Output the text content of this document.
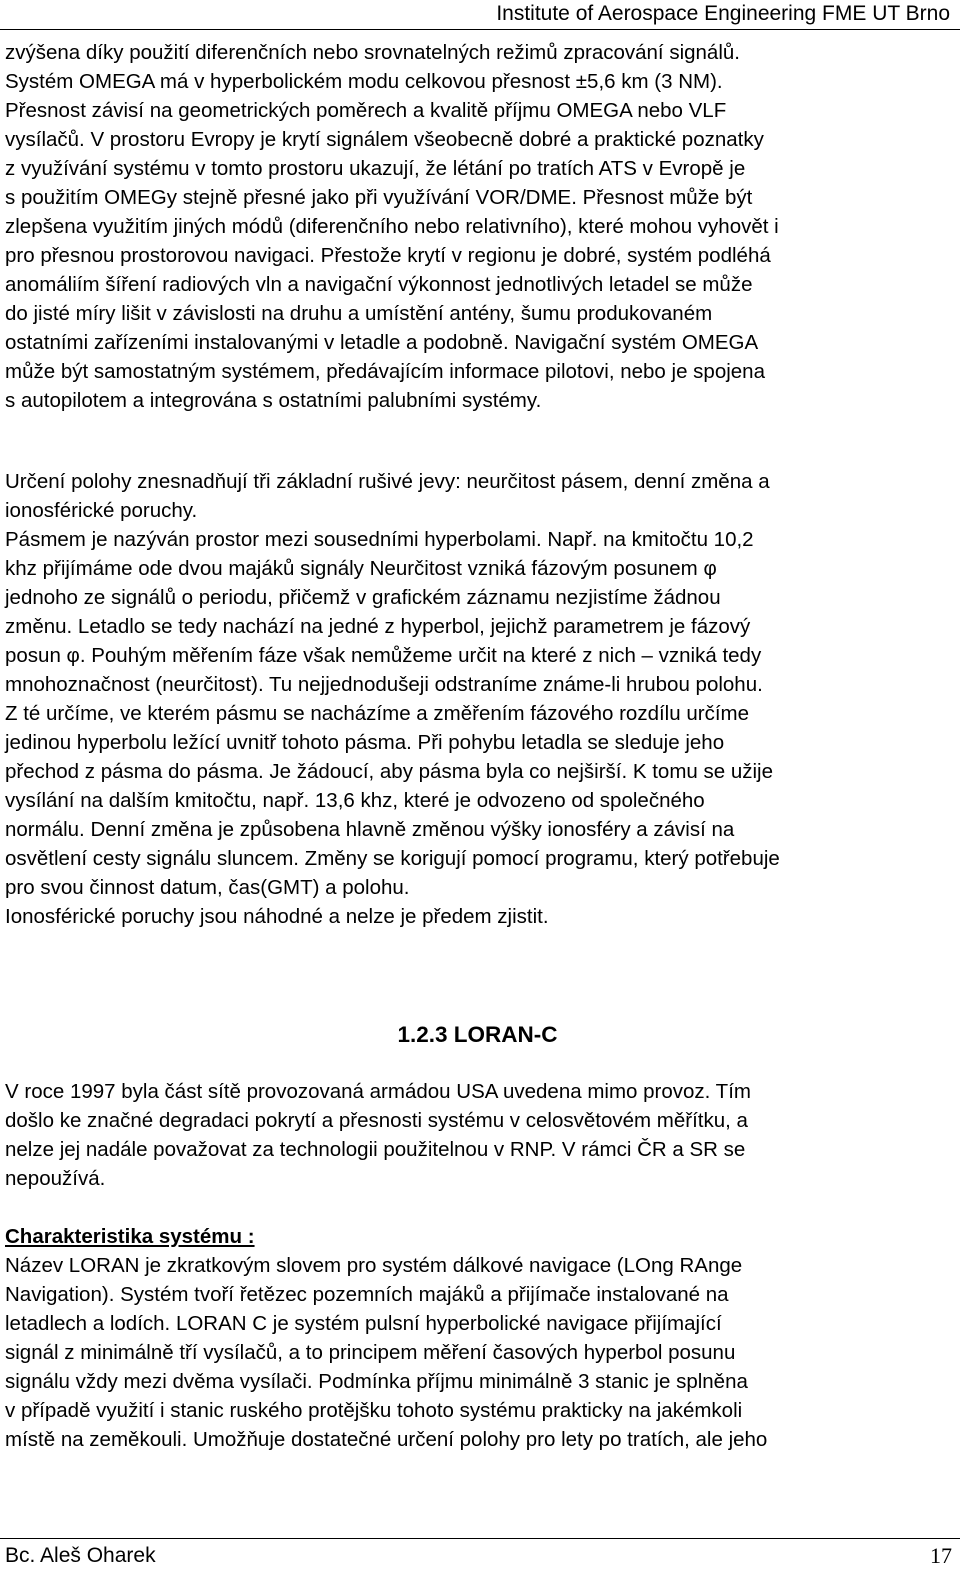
Institute of Aerospace Engineering FME UT Brno

zvýšena díky použití diferenčních nebo srovnatelných režimů zpracování signálů.

Systém OMEGA má v hyperbolickém modu celkovou přesnost ±5,6 km (3 NM).

Přesnost závisí na geometrických poměrech a kvalitě příjmu OMEGA nebo VLF

vysílačů. V prostoru Evropy je krytí signálem všeobecně dobré a praktické poznatky

z využívání systému v tomto prostoru ukazují, že létání po tratích ATS v Evropě je

s použitím OMEGy stejně přesné jako při využívání VOR/DME. Přesnost může být

zlepšena využitím jiných módů (diferenčního nebo relativního), které mohou vyhovět i

pro přesnou prostorovou navigaci. Přestože krytí v regionu je dobré, systém podléhá

anomáliím šíření radiových vln a navigační výkonnost jednotlivých letadel se může

do jisté míry lišit v závislosti na druhu a umístění antény, šumu produkovaném

ostatními zařízeními instalovanými v letadle a podobně. Navigační systém OMEGA

může být samostatným systémem, předávajícím informace pilotovi, nebo je spojena

s autopilotem a integrována s ostatními palubními systémy.

Určení polohy znesnadňují tři základní rušivé jevy: neurčitost pásem, denní změna a

ionosférické poruchy.

Pásmem je nazýván prostor mezi sousedními hyperbolami. Např. na kmitočtu 10,2

khz přijímáme ode dvou majáků signály Neurčitost vzniká fázovým posunem φ

jednoho ze signálů o periodu, přičemž v grafickém záznamu nezjistíme žádnou

změnu. Letadlo se tedy nachází na jedné z hyperbol, jejichž parametrem je fázový

posun φ. Pouhým měřením fáze však nemůžeme určit na které z nich – vzniká tedy

mnohoznačnost (neurčitost). Tu nejjednodušeji odstraníme známe-li hrubou polohu.

Z té určíme, ve kterém pásmu se nacházíme a změřením fázového rozdílu určíme

jedinou hyperbolu ležící uvnitř tohoto pásma. Při pohybu letadla se sleduje jeho

přechod z pásma do pásma. Je žádoucí, aby pásma byla co nejširší. K tomu se užije

vysílání na dalším kmitočtu, např. 13,6 khz, které je odvozeno od společného

normálu. Denní změna je způsobena hlavně změnou výšky ionosféry a závisí na

osvětlení cesty signálu sluncem. Změny se korigují pomocí programu, který potřebuje

pro svou činnost datum, čas(GMT) a polohu.

Ionosférické poruchy jsou náhodné a nelze je předem zjistit.

1.2.3 LORAN-C

V roce 1997 byla část sítě provozovaná armádou USA uvedena mimo provoz. Tím

došlo ke značné degradaci pokrytí a přesnosti systému v celosvětovém měřítku, a

nelze jej nadále považovat za technologii použitelnou v RNP. V rámci ČR a SR se

nepoužívá.

Charakteristika systému :

Název LORAN je zkratkovým slovem pro systém dálkové navigace (LOng RAnge

Navigation). Systém tvoří řetězec pozemních majáků a přijímače instalované na

letadlech a lodích. LORAN C je systém pulsní hyperbolické navigace přijímající

signál z minimálně tří vysílačů, a to principem měření časových hyperbol posunu

signálu vždy mezi dvěma vysílači. Podmínka příjmu minimálně 3 stanic je splněna

v případě využití i stanic ruského protějšku tohoto systému prakticky na jakémkoli

místě na zeměkouli. Umožňuje dostatečné určení polohy pro lety po tratích, ale jeho

Bc. Aleš Oharek	17
